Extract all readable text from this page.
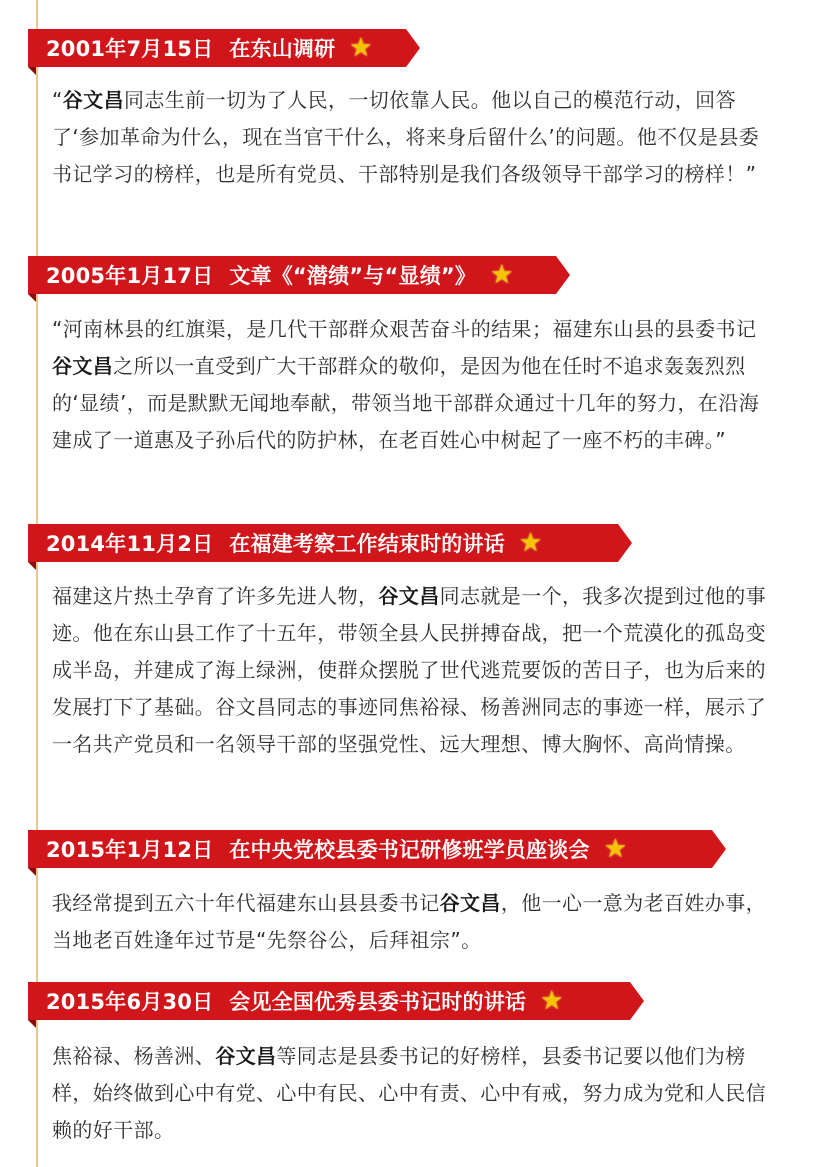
2001年7月15日 在东山调研 ★
“谷文昌同志生前一切为了人民，一切依靠人民。他以自己的模范行动，回答了‘参加革命为什么，现在当官干什么，将来身后留什么’的问题。他不仅是县委书记学习的榜样，也是所有党员、干部特别是我们各级领导干部学习的榜样！”
2005年1月17日 文章《“潜绩”与“显绩”》 ★
“河南林县的红旗渠，是几代干部群众艰苦奋斗的结果；福建东山县的县委书记谷文昌之所以一直受到广大干部群众的敬仰，是因为他在任时不追求轰轰烈烈的‘显绩’，而是默默无闻地奉献，带领当地干部群众通过十几年的努力，在沿海建成了一道惠及子孙后代的防护林，在老百姓心中树起了一座不朽的丰碑。”
2014年11月2日 在福建考察工作结束时的讲话 ★
福建这片热土孕育了许多先进人物，谷文昌同志就是一个，我多次提到过他的事迹。他在东山县工作了十五年，带领全县人民拼搏奋战，把一个荒漠化的孤岛变成半岛，并建成了海上绿洲，使群众摆脱了世代逃荒要饭的苦日子，也为后来的发展打下了基础。谷文昌同志的事迹同焦裕禄、杨善洲同志的事迹一样，展示了一名共产党员和一名领导干部的坚强党性、远大理想、博大胸怀、高尚情操。
2015年1月12日 在中央党校县委书记研修班学员座谈会 ★
我经常提到五六十年代福建东山县县委书记谷文昌，他一心一意为老百姓办事，当地老百姓逢年过节是“先祭谷公，后拜祖宗”。
2015年6月30日 会见全国优秀县委书记时的讲话 ★
焦裕禄、杨善洲、谷文昌等同志是县委书记的好榜样，县委书记要以他们为榜样，始终做到心中有党、心中有民、心中有责、心中有戒，努力成为党和人民信赖的好干部。
